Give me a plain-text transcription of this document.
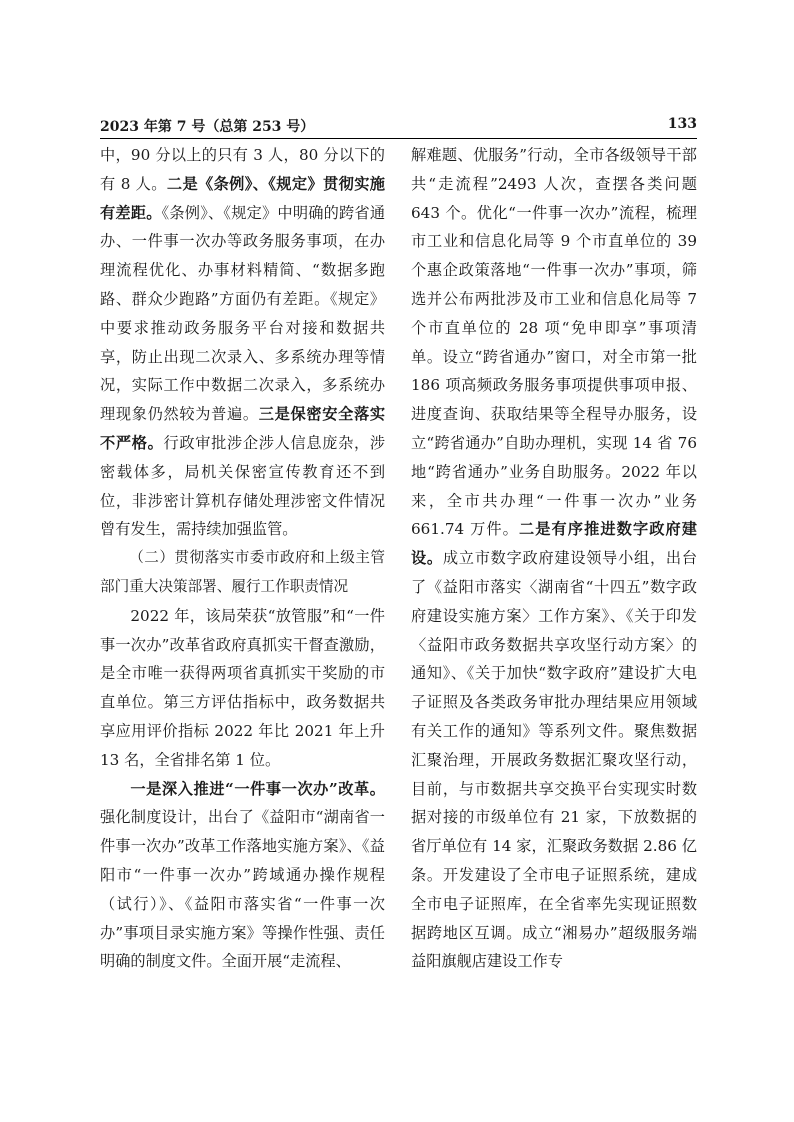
2023 年第 7 号（总第 253 号）	133

中，90 分以上的只有 3 人，80 分以下的有 8 人。二是《条例》、《规定》贯彻实施有差距。《条例》、《规定》中明确的跨省通办、一件事一次办等政务服务事项，在办理流程优化、办事材料精简、“数据多跑路、群众少跑路”方面仍有差距。《规定》中要求推动政务服务平台对接和数据共享，防止出现二次录入、多系统办理等情况，实际工作中数据二次录入，多系统办理现象仍然较为普遍。三是保密安全落实不严格。行政审批涉企涉人信息庞杂，涉密载体多，局机关保密宣传教育还不到位，非涉密计算机存储处理涉密文件情况曾有发生，需持续加强监管。

（二）贯彻落实市委市政府和上级主管部门重大决策部署、履行工作职责情况

2022 年，该局荣获“放管服”和“一件事一次办”改革省政府真抓实干督查激励，是全市唯一获得两项省真抓实干奖励的市直单位。第三方评估指标中，政务数据共享应用评价指标 2022 年比 2021 年上升 13 名，全省排名第 1 位。

一是深入推进“一件事一次办”改革。强化制度设计，出台了《益阳市“湖南省一件事一次办”改革工作落地实施方案》、《益阳市“一件事一次办”跨域通办操作规程（试行）》、《益阳市落实省“一件事一次办”事项目录实施方案》等操作性强、责任明确的制度文件。全面开展“走流程、

解难题、优服务”行动，全市各级领导干部共“走流程”2493 人次，查摆各类问题 643 个。优化“一件事一次办”流程，梳理市工业和信息化局等 9 个市直单位的 39 个惠企政策落地“一件事一次办”事项，筛选并公布两批涉及市工业和信息化局等 7 个市直单位的 28 项“免申即享”事项清单。设立“跨省通办”窗口，对全市第一批 186 项高频政务服务事项提供事项申报、进度查询、获取结果等全程导办服务，设立“跨省通办”自助办理机，实现 14 省 76 地“跨省通办”业务自助服务。2022 年以来，全市共办理“一件事一次办”业务 661.74 万件。二是有序推进数字政府建设。成立市数字政府建设领导小组，出台了《益阳市落实〈湖南省“十四五”数字政府建设实施方案〉工作方案》、《关于印发〈益阳市政务数据共享攻坚行动方案〉的通知》、《关于加快“数字政府”建设扩大电子证照及各类政务审批办理结果应用领域有关工作的通知》等系列文件。聚焦数据汇聚治理，开展政务数据汇聚攻坚行动，目前，与市数据共享交换平台实现实时数据对接的市级单位有 21 家，下放数据的省厅单位有 14 家，汇聚政务数据 2.86 亿条。开发建设了全市电子证照系统，建成全市电子证照库，在全省率先实现证照数据跨地区互调。成立“湘易办”超级服务端益阳旗舰店建设工作专
